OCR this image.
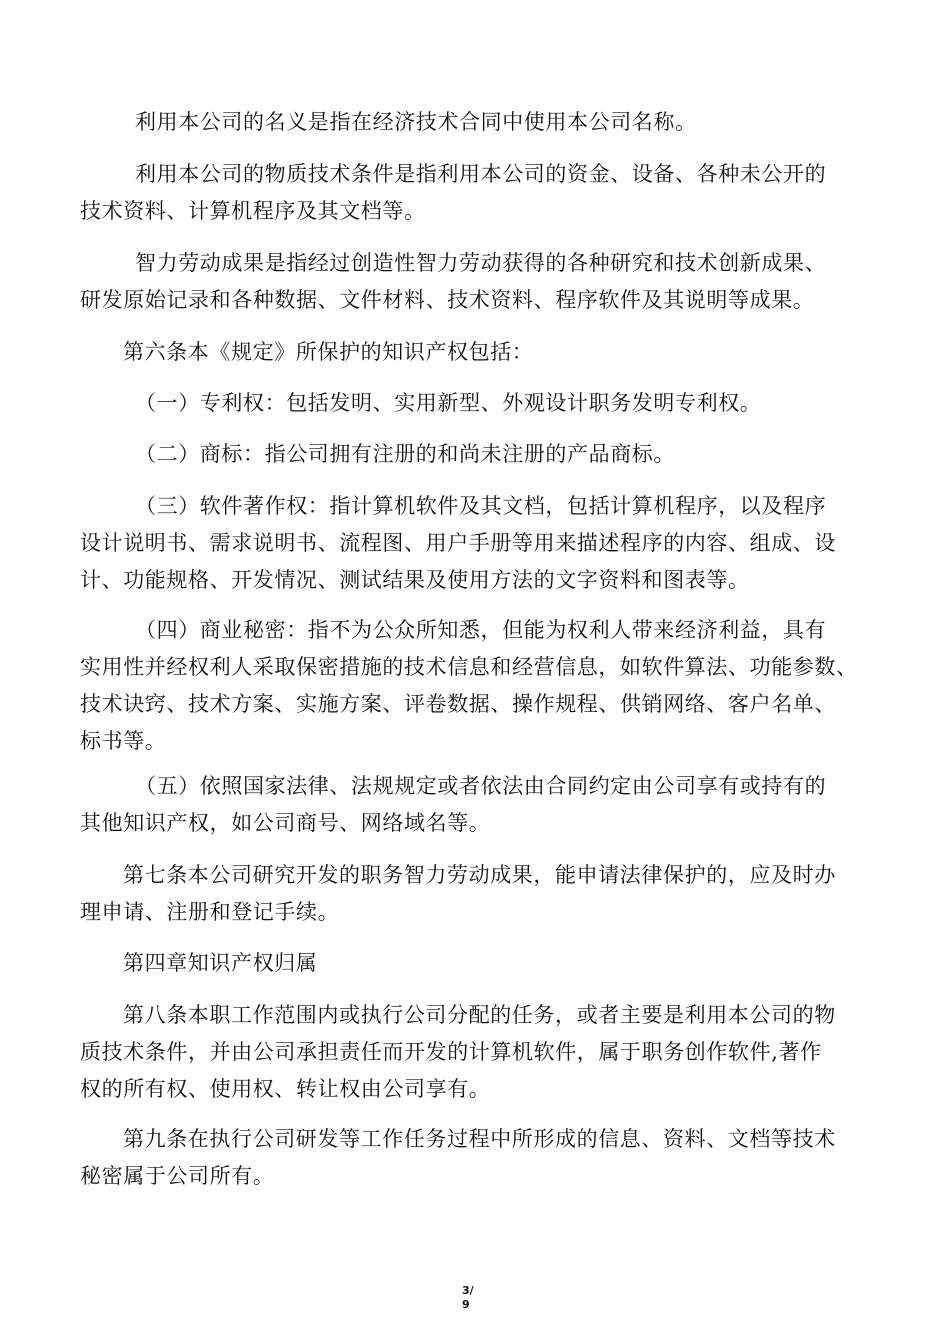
利用本公司的名义是指在经济技术合同中使用本公司名称。
利用本公司的物质技术条件是指利用本公司的资金、设备、各种未公开的
技术资料、计算机程序及其文档等。
智力劳动成果是指经过创造性智力劳动获得的各种研究和技术创新成果、
研发原始记录和各种数据、文件材料、技术资料、程序软件及其说明等成果。
第六条本《规定》所保护的知识产权包括：
（一）专利权：包括发明、实用新型、外观设计职务发明专利权。
（二）商标：指公司拥有注册的和尚未注册的产品商标。
（三）软件著作权：指计算机软件及其文档，包括计算机程序，以及程序
设计说明书、需求说明书、流程图、用户手册等用来描述程序的内容、组成、设
计、功能规格、开发情况、测试结果及使用方法的文字资料和图表等。
（四）商业秘密：指不为公众所知悉，但能为权利人带来经济利益，具有
实用性并经权利人采取保密措施的技术信息和经营信息，如软件算法、功能参数、
技术诀窍、技术方案、实施方案、评卷数据、操作规程、供销网络、客户名单、
标书等。
（五）依照国家法律、法规规定或者依法由合同约定由公司享有或持有的
其他知识产权，如公司商号、网络域名等。
第七条本公司研究开发的职务智力劳动成果，能申请法律保护的，应及时办
理申请、注册和登记手续。
第四章知识产权归属
第八条本职工作范围内或执行公司分配的任务，或者主要是利用本公司的物
质技术条件，并由公司承担责任而开发的计算机软件，属于职务创作软件,著作
权的所有权、使用权、转让权由公司享有。
第九条在执行公司研发等工作任务过程中所形成的信息、资料、文档等技术
秘密属于公司所有。
3/
9
